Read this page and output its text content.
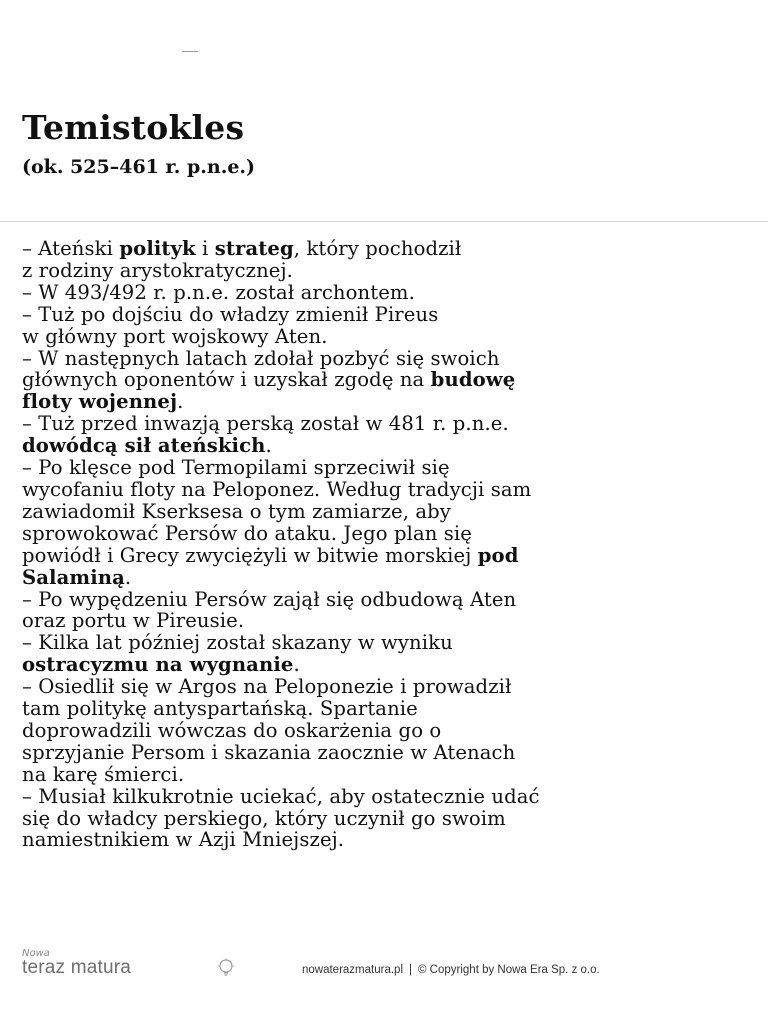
Temistokles

(ok. 525–461 r. p.n.e.)

– Ateński polityk i strateg, który pochodził
z rodziny arystokratycznej.
– W 493/492 r. p.n.e. został archontem.
– Tuż po dojściu do władzy zmienił Pireus
w główny port wojskowy Aten.
– W następnych latach zdołał pozbyć się swoich
głównych oponentów i uzyskał zgodę na budowę
floty wojennej.
– Tuż przed inwazją perską został w 481 r. p.n.e.
dowódcą sił ateńskich.
– Po klęsce pod Termopilami sprzeciwił się
wycofaniu floty na Peloponez. Według tradycji sam
zawiadomił Kserksesa o tym zamiarze, aby
sprowokować Persów do ataku. Jego plan się
powiódł i Grecy zwyciężyli w bitwie morskiej pod
Salaminą.
– Po wypędzeniu Persów zajął się odbudową Aten
oraz portu w Pireusie.
– Kilka lat później został skazany w wyniku
ostracyzmu na wygnanie.
– Osiedlił się w Argos na Peloponezie i prowadził
tam politykę antyspartańską. Spartanie
doprowadzili wówczas do oskarżenia go o
sprzyjanie Persom i skazania zaocznie w Atenach
na karę śmierci.
– Musiał kilkukrotnie uciekać, aby ostatecznie udać
się do władcy perskiego, który uczynił go swoim
namiestnikiem w Azji Mniejszej.
Nowa
teraz matura	nowaterazmatura.pl | © Copyright by Nowa Era Sp. z o.o.
